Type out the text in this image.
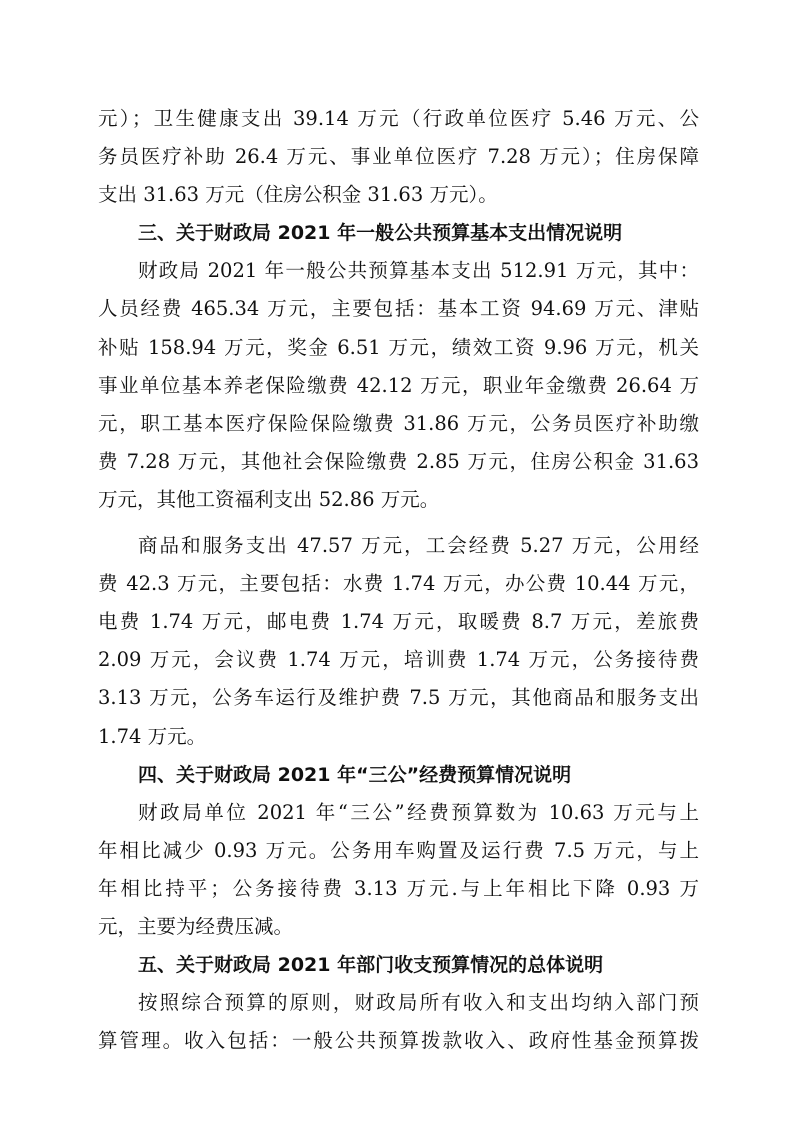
元）；卫生健康支出 39.14 万元（行政单位医疗 5.46 万元、公
务员医疗补助 26.4 万元、事业单位医疗 7.28 万元）；住房保障
支出 31.63 万元（住房公积金 31.63 万元）。
三、关于财政局 2021 年一般公共预算基本支出情况说明
财政局 2021 年一般公共预算基本支出 512.91 万元，其中：
人员经费 465.34 万元，主要包括：基本工资 94.69 万元、津贴
补贴 158.94 万元，奖金 6.51 万元，绩效工资 9.96 万元，机关
事业单位基本养老保险缴费 42.12 万元，职业年金缴费 26.64 万
元，职工基本医疗保险保险缴费 31.86 万元，公务员医疗补助缴
费 7.28 万元，其他社会保险缴费 2.85 万元，住房公积金 31.63
万元，其他工资福利支出 52.86 万元。
商品和服务支出 47.57 万元，工会经费 5.27 万元，公用经
费 42.3 万元，主要包括：水费 1.74 万元，办公费 10.44 万元，
电费 1.74 万元，邮电费 1.74 万元，取暖费 8.7 万元，差旅费
2.09 万元，会议费 1.74 万元，培训费 1.74 万元，公务接待费
3.13 万元，公务车运行及维护费 7.5 万元，其他商品和服务支出
1.74 万元。
四、关于财政局 2021 年“三公”经费预算情况说明
财政局单位 2021 年“三公”经费预算数为 10.63 万元与上
年相比减少 0.93 万元。公务用车购置及运行费 7.5 万元，与上
年相比持平；公务接待费 3.13 万元.与上年相比下降 0.93 万
元，主要为经费压减。
五、关于财政局 2021 年部门收支预算情况的总体说明
按照综合预算的原则，财政局所有收入和支出均纳入部门预
算管理。收入包括：一般公共预算拨款收入、政府性基金预算拨
